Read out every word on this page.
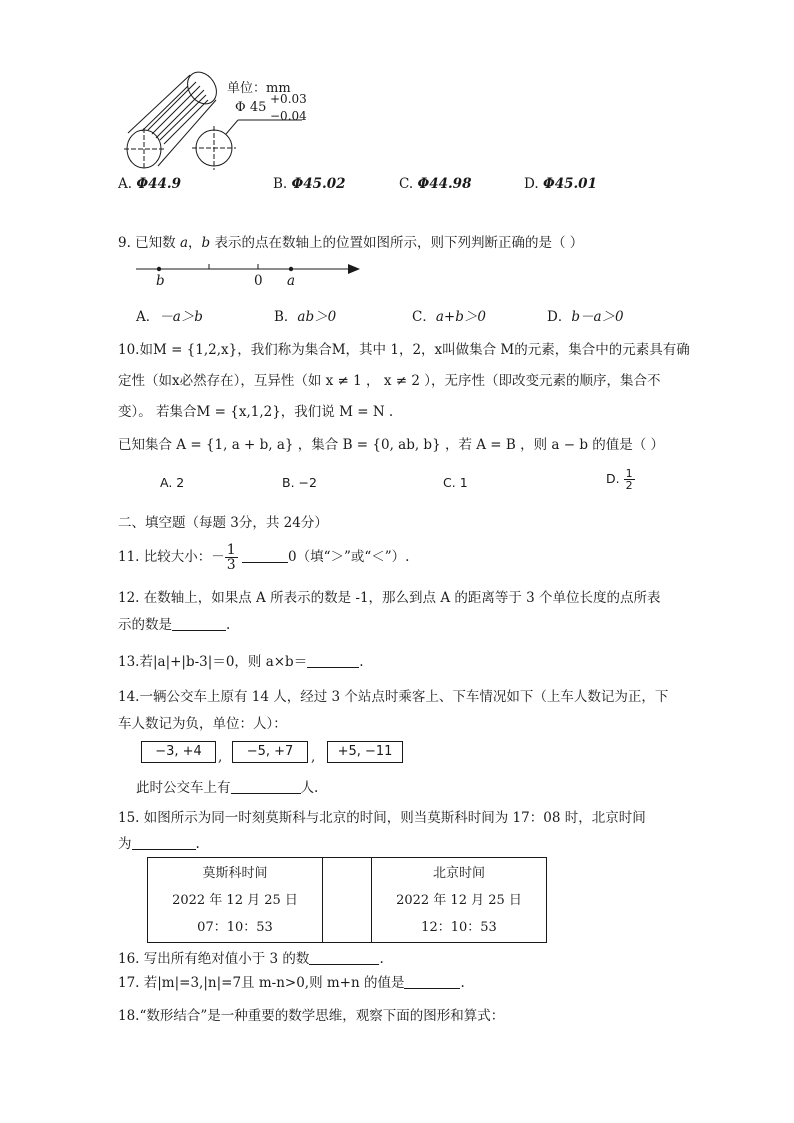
单位：mm
Φ 45
+0.03
−0.04
A. Φ44.9	B. Φ45.02	C. Φ44.98	D. Φ45.01
9. 已知数 a，b 表示的点在数轴上的位置如图所示，则下列判断正确的是（ ）
b	0 a
A．－a＞b	B．ab＞0	C．a+b＞0	D．b－a＞0
10.如M = {1,2,x}，我们称为集合M，其中 1，2，x叫做集合 M的元素，集合中的元素具有确
定性（如x必然存在），互异性（如 x ≠ 1 ， x ≠ 2 ），无序性（即改变元素的顺序，集合不
变）。 若集合M = {x,1,2}，我们说 M = N .
已知集合 A = {1, a + b, a} ，集合 B = {0, ab, b} ，若 A = B ，则 a − b 的值是（ ）
A. 2	B. −2	C. 1	D. $\frac{1}{2}$
二、填空题（每题 3分，共 24分）
11. 比较大小：－ $\frac{1}{3}$	0（填“＞”或“＜”）.
12. 在数轴上，如果点 A 所表示的数是 -1，那么到点 A 的距离等于 3 个单位长度的点所表
示的数是	.
13.若|a|+|b-3|＝0，则 a×b＝	.
14.一辆公交车上原有 14 人，经过 3 个站点时乘客上、下车情况如下（上车人数记为正，下
车人数记为负，单位：人）：
−3, +4	,	−5, +7	,	+5, −11
此时公交车上有	人.
15. 如图所示为同一时刻莫斯科与北京的时间，则当莫斯科时间为 17：08 时，北京时间
为	.
莫斯科时间
2022 年 12 月 25 日
07：10：53

北京时间
2022 年 12 月 25 日
12：10：53
16. 写出所有绝对值小于 3 的数	.
17. 若|m|=3,|n|=7且 m-n>0,则 m+n 的值是	.
18.“数形结合”是一种重要的数学思维，观察下面的图形和算式：
